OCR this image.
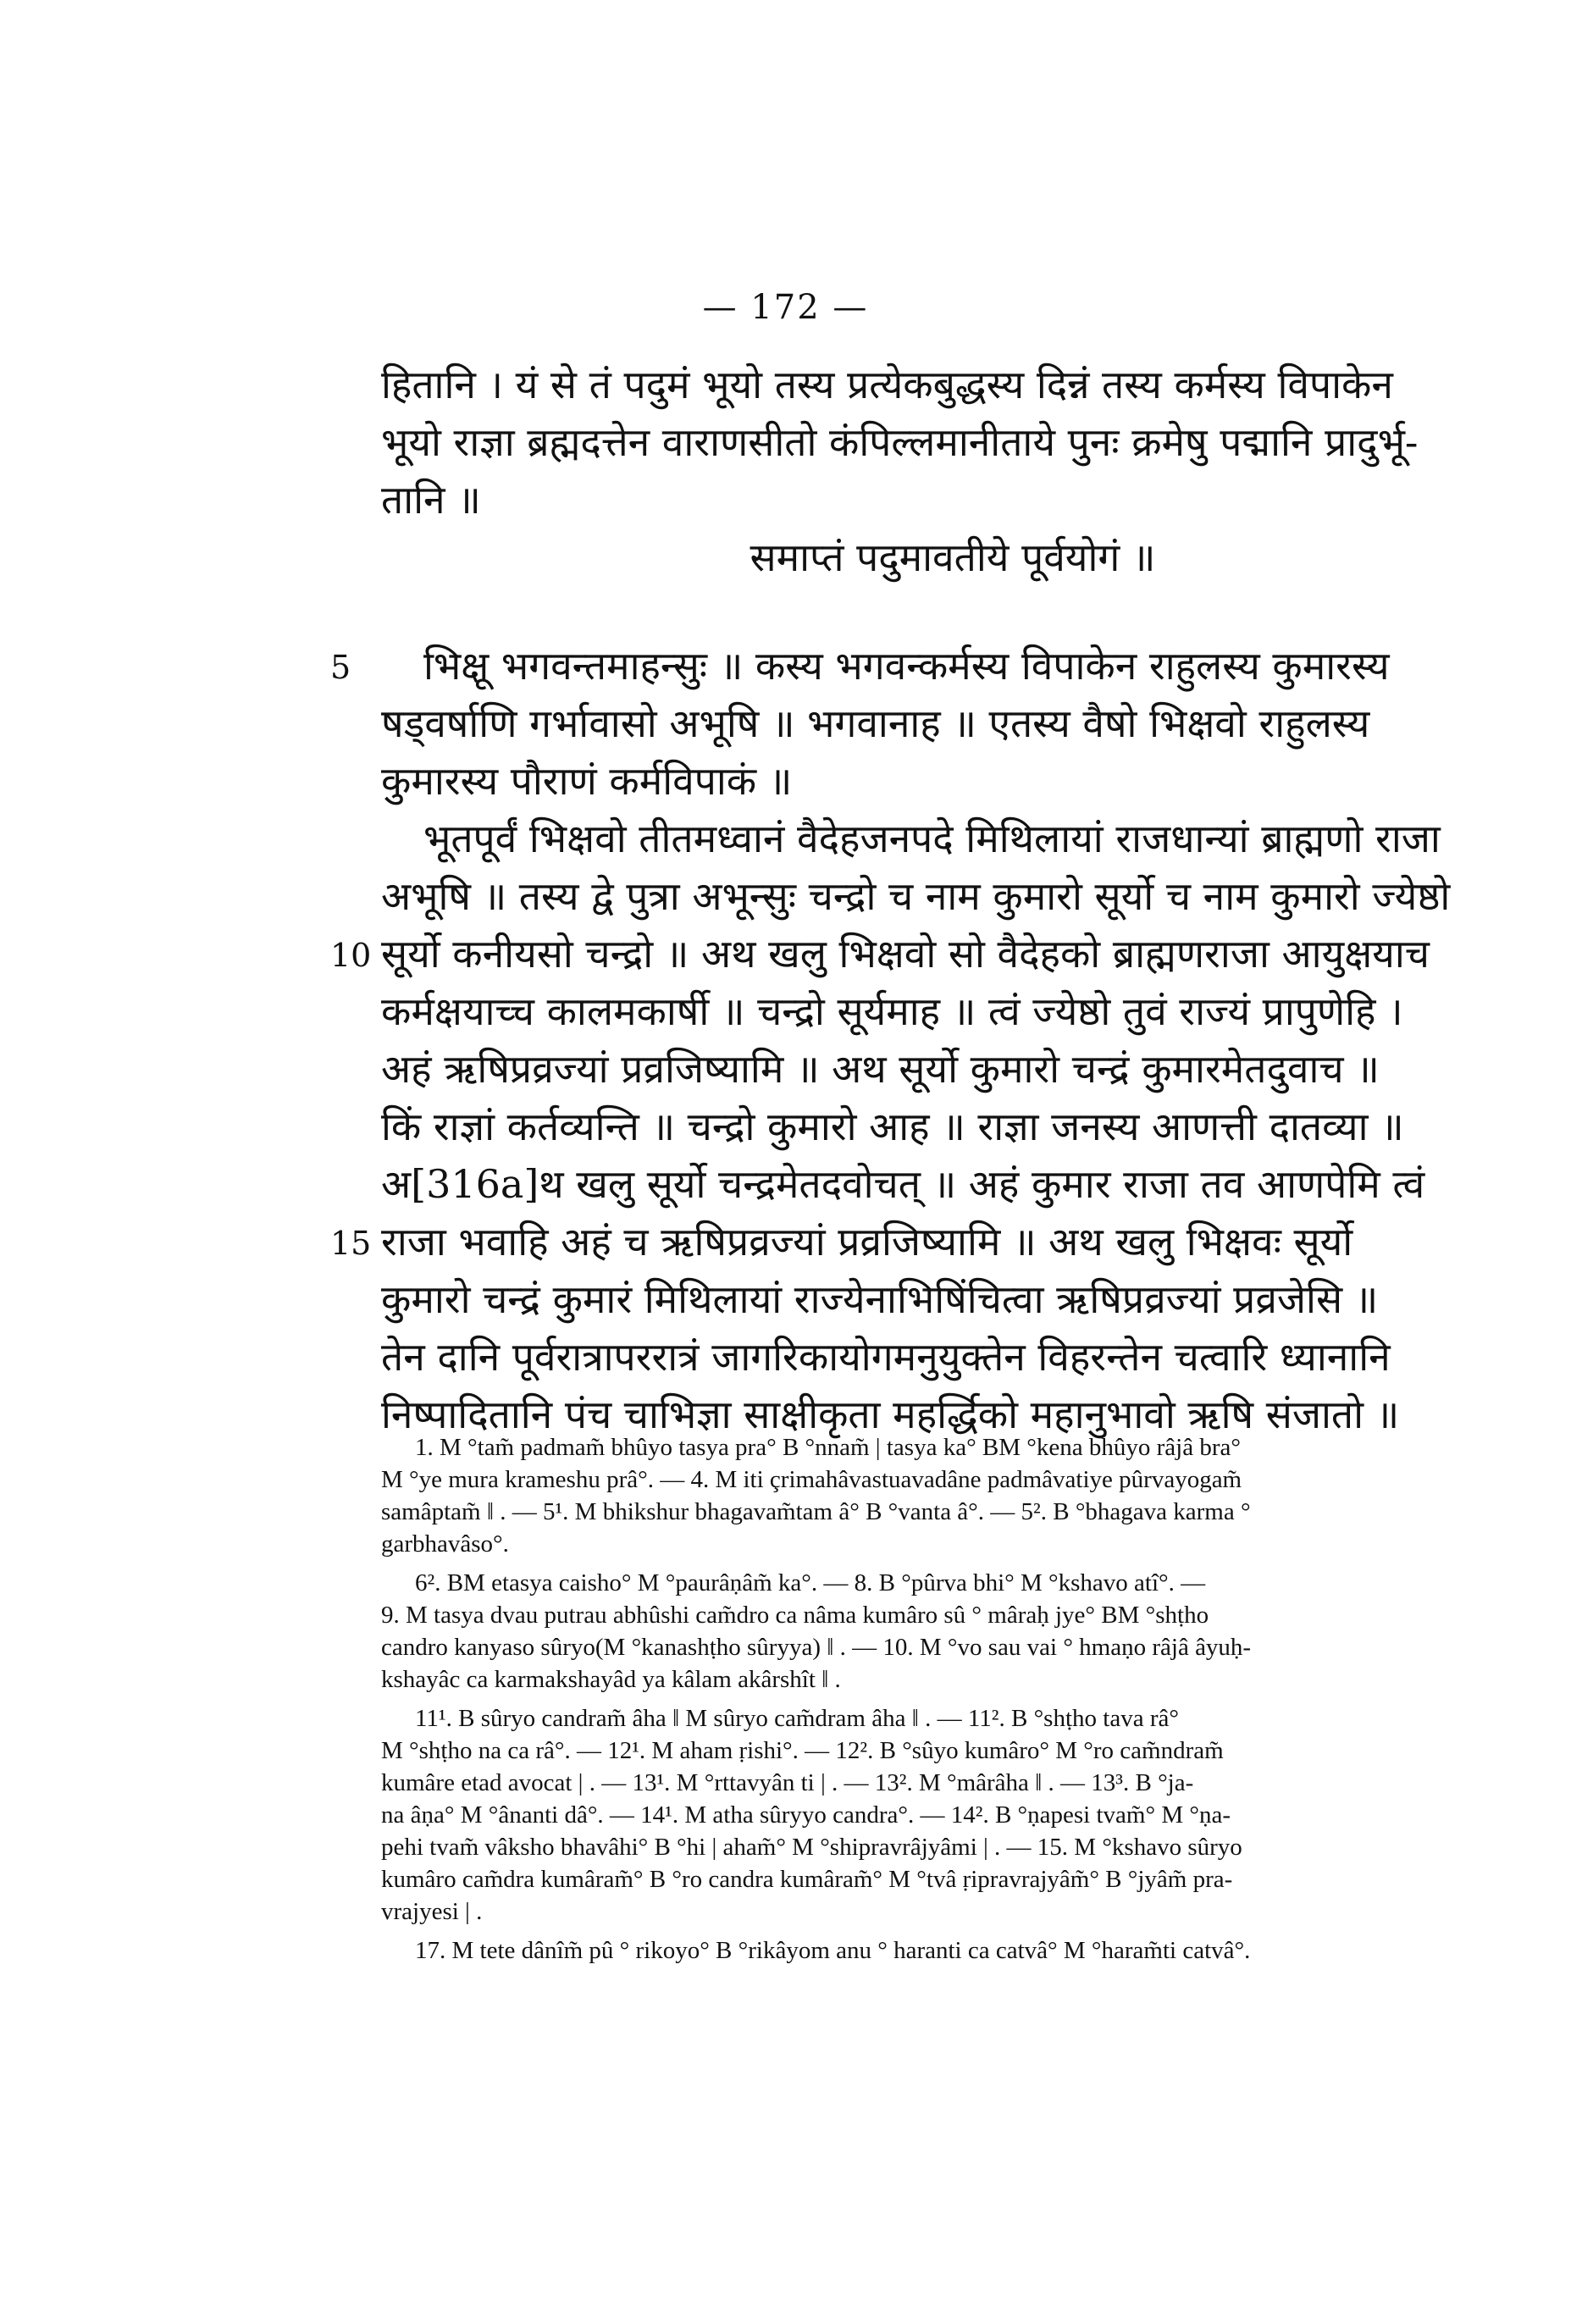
— 172 —
हितानि । यं से तं पदुमं भूयो तस्य प्रत्येकबुद्धस्य दिन्नं तस्य कर्मस्य विपाकेन
भूयो राज्ञा ब्रह्मदत्तेन वाराणसीतो कंपिल्लमानीताये पुनः क्रमेषु पद्मानि प्रादुर्भू-
तानि ॥
समाप्तं पदुमावतीये पूर्वयोगं ॥
5 भिक्षू भगवन्तमाहन्सुः ॥ कस्य भगवन्कर्मस्य विपाकेन राहुलस्य कुमारस्य
षड्वर्षाणि गर्भावासो अभूषि ॥ भगवानाह ॥ एतस्य वैषो भिक्षवो राहुलस्य
कुमारस्य पौराणं कर्मविपाकं ॥
भूतपूर्वं भिक्षवो तीतमध्वानं वैदेहजनपदे मिथिलायां राजधान्यां ब्राह्मणो राजा
अभूषि ॥ तस्य द्वे पुत्रा अभून्सुः चन्द्रो च नाम कुमारो सूर्यो च नाम कुमारो ज्येष्ठो
10 सूर्यो कनीयसो चन्द्रो ॥ अथ खलु भिक्षवो सो वैदेहको ब्राह्मणराजा आयुक्षयाच
कर्मक्षयाच्च कालमकार्षी ॥ चन्द्रो सूर्यमाह ॥ त्वं ज्येष्ठो तुवं राज्यं प्रापुणेहि ।
अहं ऋषिप्रव्रज्यां प्रव्रजिष्यामि ॥ अथ सूर्यो कुमारो चन्द्रं कुमारमेतदुवाच ॥
किं राज्ञां कर्तव्यन्ति ॥ चन्द्रो कुमारो आह ॥ राज्ञा जनस्य आणत्ती दातव्या ॥
अ[316a]थ खलु सूर्यो चन्द्रमेतदवोचत् ॥ अहं कुमार राजा तव आणपेमि त्वं
15 राजा भवाहि अहं च ऋषिप्रव्रज्यां प्रव्रजिष्यामि ॥ अथ खलु भिक्षवः सूर्यो
कुमारो चन्द्रं कुमारं मिथिलायां राज्येनाभिषिंचित्वा ऋषिप्रव्रज्यां प्रव्रजेसि ॥
तेन दानि पूर्वरात्रापररात्रं जागरिकायोगमनुयुक्तेन विहरन्तेन चत्वारि ध्यानानि
निष्पादितानि पंच चाभिज्ञा साक्षीकृता महर्द्धिको महानुभावो ऋषि संजातो ॥
1. M °tam̃ padmam̃ bhûyo tasya pra° B °nnam̃ | tasya ka° BM °kena bhûyo râjâ bra°
M °ye mura krameshu prâ°. — 4. M iti çrimahâvastuavadâne padmâvatiye pûrvayogam̃
samâptam̃ ‖ . — 5¹. M bhikshur bhagavam̃tam â° B °vanta â°. — 5². B °bhagava karma °
garbhavâso°.
6². BM etasya caisho° M °paurâṇâm̃ ka°. — 8. B °pûrva bhi° M °kshavo atî°. —
9. M tasya dvau putrau abhûshi cam̃dro ca nâma kumâro sû ° mâraḥ jye° BM °shṭho
candro kanyaso sûryo(M °kanashṭho sûryya) ‖ . — 10. M °vo sau vai ° hmaṇo râjâ âyuḥ-
kshayâc ca karmakshayâd ya kâlam akârshît ‖ .
11¹. B sûryo candram̃ âha ‖ M sûryo cam̃dram âha ‖ . — 11². B °shṭho tava râ°
M °shṭho na ca râ°. — 12¹. M aham ṛishi°. — 12². B °sûyo kumâro° M °ro cam̃ndram̃
kumâre etad avocat | . — 13¹. M °rttavyân ti | . — 13². M °mârâha ‖ . — 13³. B °ja-
na âṇa° M °ânanti dâ°. — 14¹. M atha sûryyo candra°. — 14². B °ṇapesi tvam̃° M °ṇa-
pehi tvam̃ vâksho bhavâhi° B °hi | aham̃° M °shipravrâjyâmi | . — 15. M °kshavo sûryo
kumâro cam̃dra kumâram̃° B °ro candra kumâram̃° M °tvâ ṛipravrajyâm̃° B °jyâm̃ pra-
vrajyesi | .
17. M tete dânîm̃ pû ° rikoyo° B °rikâyom anu ° haranti ca catvâ° M °haram̃ti catvâ°.
